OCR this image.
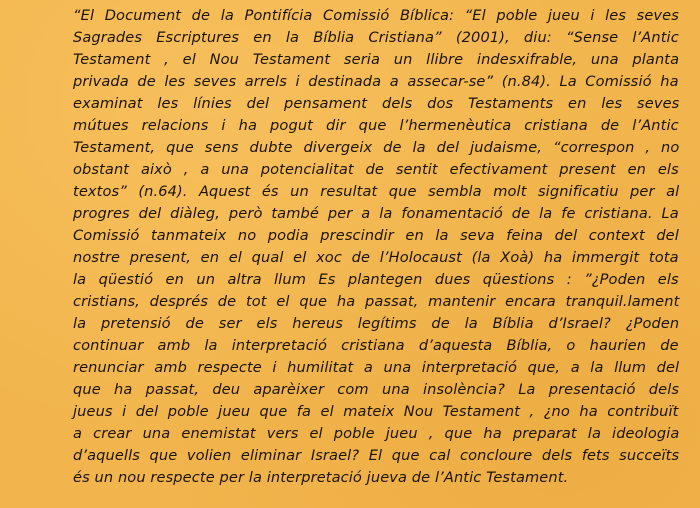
“El Document de la Pontifícia Comissió Bíblica: “El poble jueu i les seves
Sagrades Escriptures en la Bíblia Cristiana” (2001), diu: “Sense l’Antic
Testament , el Nou Testament seria un llibre indesxifrable, una planta
privada de les seves arrels i destinada a assecar-se” (n.84). La Comissió ha
examinat les línies del pensament dels dos Testaments en les seves
mútues relacions i ha pogut dir que l’hermenèutica cristiana de l’Antic
Testament, que sens dubte divergeix de la del judaisme, “correspon , no
obstant això , a una potencialitat de sentit efectivament present en els
textos” (n.64). Aquest és un resultat que sembla molt significatiu per al
progres del diàleg, però també per a la fonamentació de la fe cristiana. La
Comissió tanmateix no podia prescindir en la seva feina del context del
nostre present, en el qual el xoc de l’Holocaust (la Xoà) ha immergit tota
la qüestió en un altra llum Es plantegen dues qüestions : ”¿Poden els
cristians, després de tot el que ha passat, mantenir encara tranquil.lament
la pretensió de ser els hereus legítims de la Bíblia d’Israel? ¿Poden
continuar amb la interpretació cristiana d’aquesta Bíblia, o haurien de
renunciar amb respecte i humilitat a una interpretació que, a la llum del
que ha passat, deu aparèixer com una insolència? La presentació dels
jueus i del poble jueu que fa el mateix Nou Testament , ¿no ha contribuït
a crear una enemistat vers el poble jueu , que ha preparat la ideologia
d’aquells que volien eliminar Israel? El que cal concloure dels fets succeïts
és un nou respecte per la interpretació jueva de l’Antic Testament.
